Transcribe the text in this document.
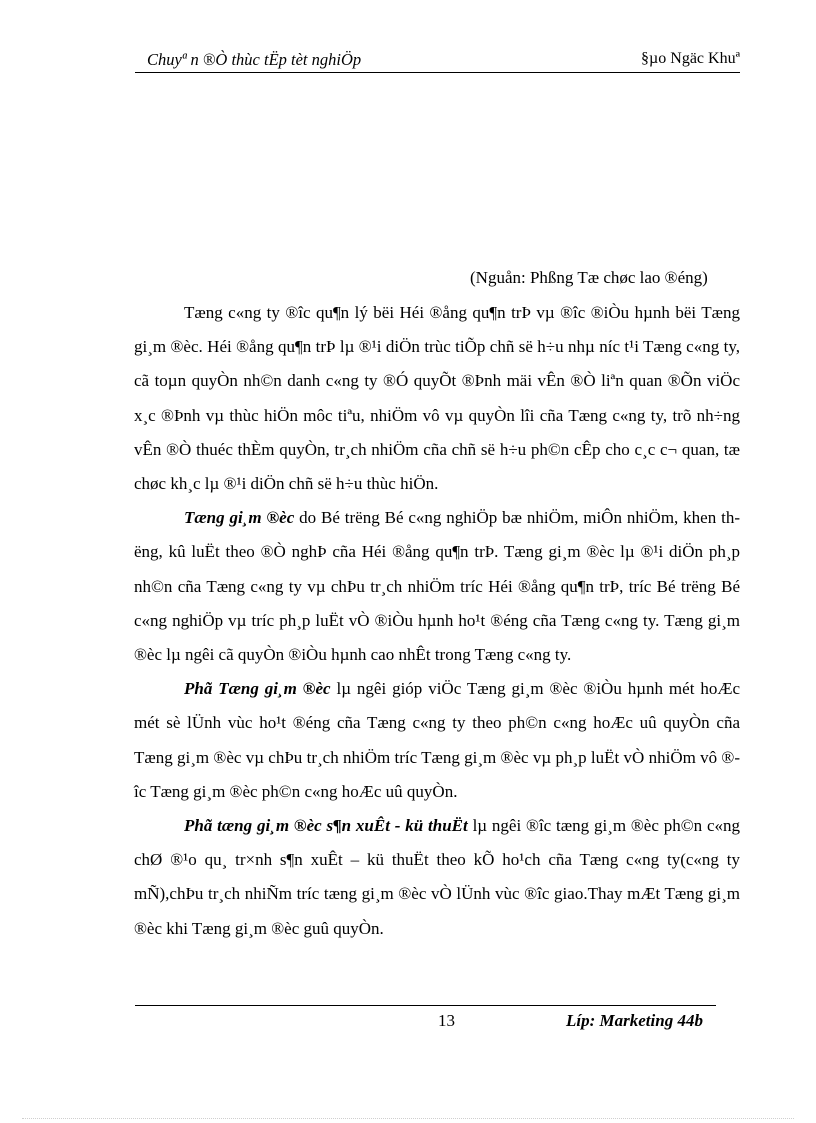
Chuyª n ®Ò thùc tËp tèt nghiÖp	§µo Ngäc Khuª
(Nguån: Phßng Tæ chøc lao ®éng)

Tæng c«ng ty ®îc qu¶n lý bëi Héi ®ång qu¶n trÞ vµ ®îc ®iÒu hµnh bëi Tæng gi¸m ®èc. Héi ®ång qu¶n trÞ lµ ®¹i diÖn trùc tiÕp chñ së h÷u nhµ níc t¹i Tæng c«ng ty, cã toµn quyÒn nh©n danh c«ng ty ®Ó quyÕt ®Þnh mäi vÊn ®Ò liªn quan ®Õn viÖc x¸c ®Þnh vµ thùc hiÖn môc tiªu, nhiÖm vô vµ quyÒn lîi cña Tæng c«ng ty, trõ nh÷ng vÊn ®Ò thuéc thÈm quyÒn, tr¸ch nhiÖm cña chñ së h÷u ph©n cÊp cho c¸c c¬ quan, tæ chøc kh¸c lµ ®¹i diÖn chñ së h÷u thùc hiÖn.

Tæng gi¸m ®èc do Bé trëng Bé c«ng nghiÖp bæ nhiÖm, miÔn nhiÖm, khen thëng, kû luËt theo ®Ò nghÞ cña Héi ®ång qu¶n trÞ. Tæng gi¸m ®èc lµ ®¹i diÖn ph¸p nh©n cña Tæng c«ng ty vµ chÞu tr¸ch nhiÖm tríc Héi ®ång qu¶n trÞ, tríc Bé trëng Bé c«ng nghiÖp vµ tríc ph¸p luËt vÒ ®iÒu hµnh ho¹t ®éng cña Tæng c«ng ty. Tæng gi¸m ®èc lµ ngêi cã quyÒn ®iÒu hµnh cao nhÊt trong Tæng c«ng ty.

Phã Tæng gi¸m ®èc lµ ngêi gióp viÖc Tæng gi¸m ®èc ®iÒu hµnh mét hoÆc mét sè lÜnh vùc ho¹t ®éng cña Tæng c«ng ty theo ph©n c«ng hoÆc uû quyÒn cña Tæng gi¸m ®èc vµ chÞu tr¸ch nhiÖm tríc Tæng gi¸m ®èc vµ ph¸p luËt vÒ nhiÖm vô ®îc Tæng gi¸m ®èc ph©n c«ng hoÆc uû quyÒn.

Phã tæng gi¸m ®èc s¶n xuÊt - kü thuËt lµ ngêi ®îc tæng gi¸m ®èc ph©n c«ng chØ ®¹o qu¸ tr×nh s¶n xuÊt – kü thuËt theo kÕ ho¹ch cña Tæng c«ng ty(c«ng ty mÑ),chÞu tr¸ch nhiÑm tríc tæng gi¸m ®èc vÒ lÜnh vùc ®îc giao.Thay mÆt Tæng gi¸m ®èc khi Tæng gi¸m ®èc guû quyÒn.

13	Líp: Marketing 44b
